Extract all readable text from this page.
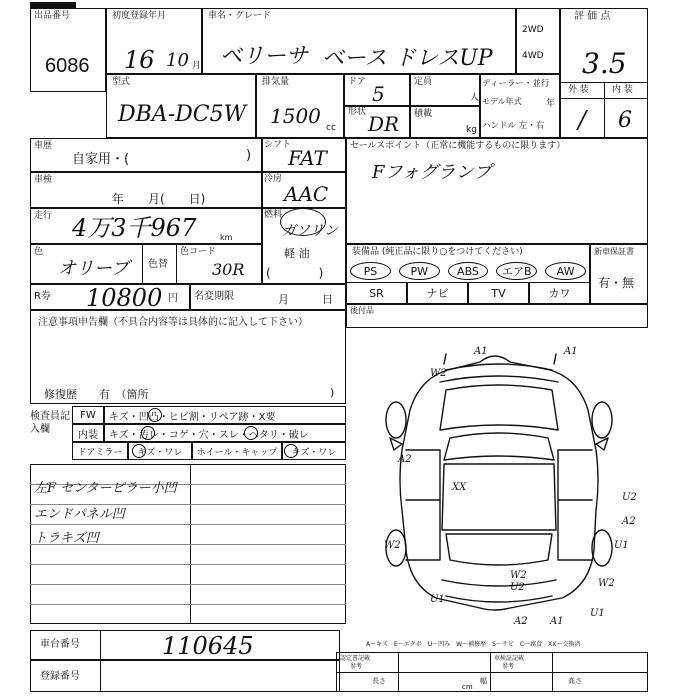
出品番号
6086
初度登録年月
16 10 月
車名・グレード
ベリーサ ベース ドレスUP
2WD
4WD
評 価 点
3.5
外 装	内 装
/ 6
型式
DBA-DC5W
排気量
1500 cc
ドア 5	定員
人
ディーラー・並行
モデル年式	年
ハンドル 左・右
形状 DR 積載
kg
車歴
自家用・(	)
シフト
FAT
車検
年　　月(　　日)
冷房
AAC
走行 4万3千967	km
燃料
ガソリン
軽 油
(　　　　)
色
オリーブ 色替
色コード
30R
R券 10800 円 名変期限	月　　　日
セールスポイント（正常に機能するものに限ります）
Fフォグランプ
装備品 (純正品に限り○をつけてください)
PS	PW	ABS	エアB	AW
SR	ナビ	TV	カワ
新車保証書
有・無
後付品
注意事項申告欄（不具合内容等は具体的に記入して下さい）
修復歴　　有　（箇所	)
検査員記入欄
FW	キズ・凹凸・ヒビ割・リペア跡・X要
内装	キズ・汚レ・コゲ・穴・スレ・ヘタリ・破レ
ドアミラー	キズ・ワレ	ホイール・キャップ	キズ・ワレ
左F センターピラー小凹
エンドパネル凹
トラキズ凹
A1	A1
W2
A2
XX
U2
A2
W2	U1
W2
U2	W2
U1
A2 A1
U1
車台番号	110645
登録番号
A～キズ　E～エクボ　U～凹み　W～補修歴　S～サビ　C～腐食　XX～交換済
認定書記載
参考
車検証記載
参考
長さ	幅	高さ
cm
